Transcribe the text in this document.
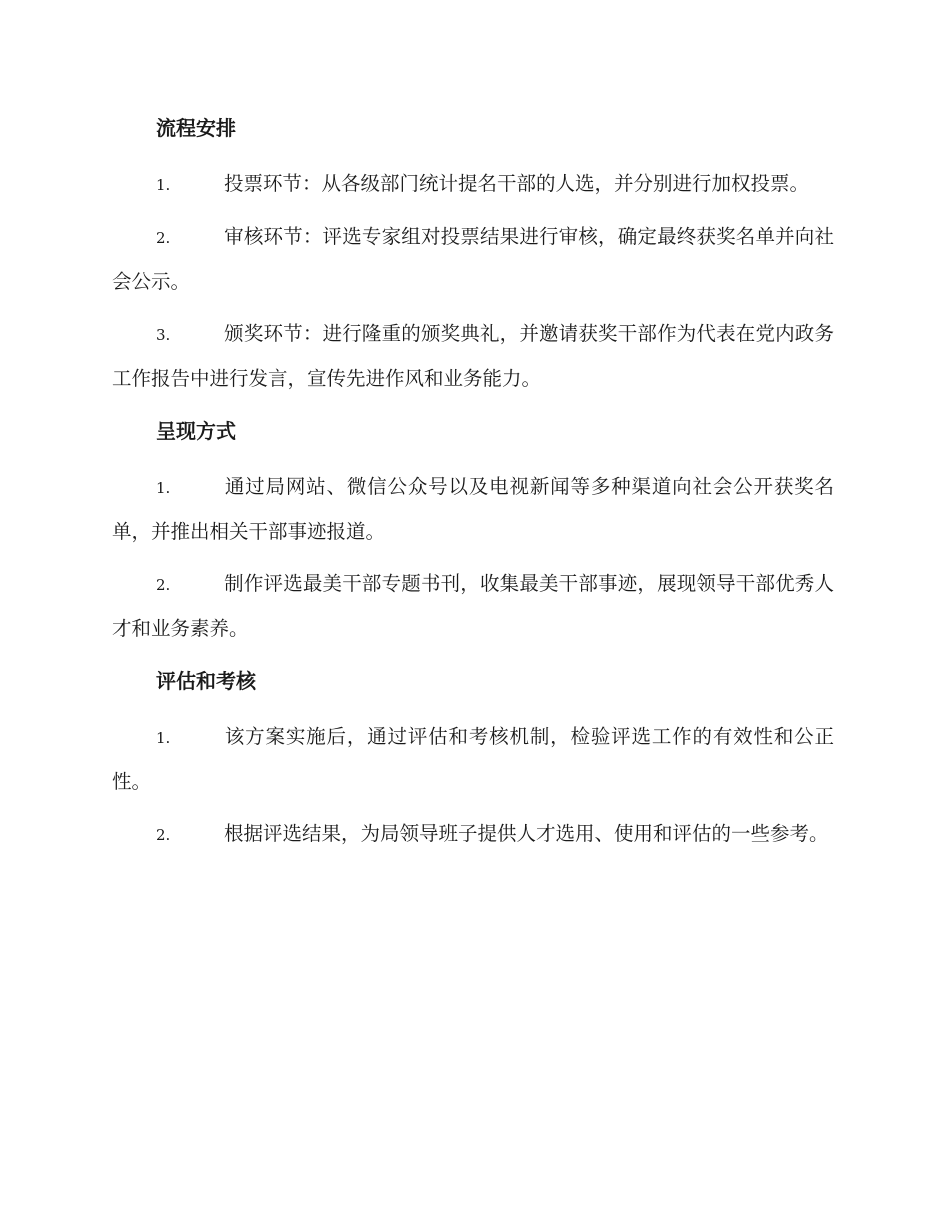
流程安排

1.	投票环节：从各级部门统计提名干部的人选，并分别进行加权投票。

2.	审核环节：评选专家组对投票结果进行审核，确定最终获奖名单并向社会公示。

3.	颁奖环节：进行隆重的颁奖典礼，并邀请获奖干部作为代表在党内政务工作报告中进行发言，宣传先进作风和业务能力。

呈现方式

1.	通过局网站、微信公众号以及电视新闻等多种渠道向社会公开获奖名单，并推出相关干部事迹报道。

2.	制作评选最美干部专题书刊，收集最美干部事迹，展现领导干部优秀人才和业务素养。

评估和考核

1.	该方案实施后，通过评估和考核机制，检验评选工作的有效性和公正性。

2.	根据评选结果，为局领导班子提供人才选用、使用和评估的一些参考。
